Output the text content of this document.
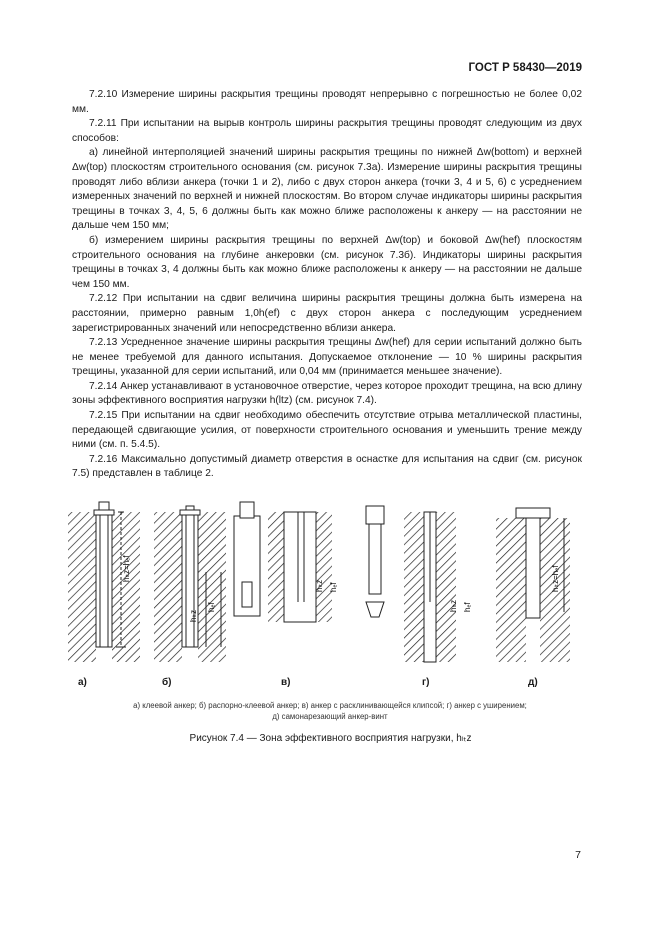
ГОСТ Р 58430—2019

7.2.10 Измерение ширины раскрытия трещины проводят непрерывно с погрешностью не более 0,02 мм.

7.2.11 При испытании на вырыв контроль ширины раскрытия трещины проводят следующим из двух способов:

а) линейной интерполяцией значений ширины раскрытия трещины по нижней Δw(bottom) и верхней Δw(top) плоскостям строительного основания (см. рисунок 7.3а). Измерение ширины раскрытия трещины проводят либо вблизи анкера (точки 1 и 2), либо с двух сторон анкера (точки 3, 4 и 5, 6) с усреднением измеренных значений по верхней и нижней плоскостям. Во втором случае индикаторы ширины раскрытия трещины в точках 3, 4, 5, 6 должны быть как можно ближе расположены к анкеру — на расстоянии не дальше чем 150 мм;

б) измерением ширины раскрытия трещины по верхней Δw(top) и боковой Δw(hef) плоскостям строительного основания на глубине анкеровки (см. рисунок 7.3б). Индикаторы ширины раскрытия трещины в точках 3, 4 должны быть как можно ближе расположены к анкеру — на расстоянии не дальше чем 150 мм.

7.2.12 При испытании на сдвиг величина ширины раскрытия трещины должна быть измерена на расстоянии, примерно равным 1,0h(ef) с двух сторон анкера с последующим усреднением зарегистрированных значений или непосредственно вблизи анкера.

7.2.13 Усредненное значение ширины раскрытия трещины Δw(hef) для серии испытаний должно быть не менее требуемой для данного испытания. Допускаемое отклонение — 10 % ширины раскрытия трещины, указанной для серии испытаний, или 0,04 мм (принимается меньшее значение).

7.2.14 Анкер устанавливают в установочное отверстие, через которое проходит трещина, на всю длину зоны эффективного восприятия нагрузки h(ltz) (см. рисунок 7.4).

7.2.15 При испытании на сдвиг необходимо обеспечить отсутствие отрыва металлической пластины, передающей сдвигающие усилия, от поверхности строительного основания и уменьшить трение между ними (см. п. 5.4.5).

7.2.16 Максимально допустимый диаметр отверстия в оснастке для испытания на сдвиг (см. рисунок 7.5) представлен в таблице 2.

hₗₜz=hₑf
hₗₜz
hₑf
hₗₜz hₑf
hₗₜz hₑf
hₗₜz=hₑf
а)	б)	в)	г)	д)
а) клеевой анкер; б) распорно-клеевой анкер; в) анкер с расклинивающейся клипсой; г) анкер с уширением;
д) самонарезающий анкер-винт
Рисунок 7.4 — Зона эффективного восприятия нагрузки, hₗₜz
7
